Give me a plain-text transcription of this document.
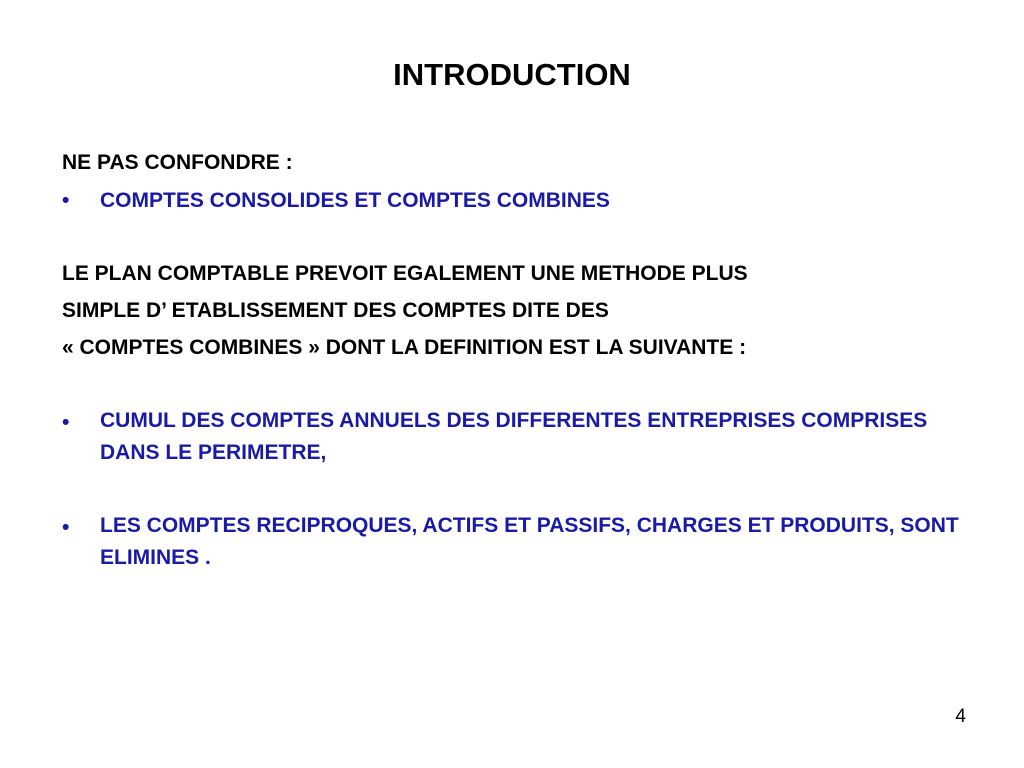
INTRODUCTION
NE PAS CONFONDRE :
• COMPTES CONSOLIDES ET COMPTES COMBINES
LE PLAN COMPTABLE PREVOIT EGALEMENT UNE METHODE PLUS
SIMPLE D’ ETABLISSEMENT DES COMPTES DITE DES
« COMPTES COMBINES » DONT LA DEFINITION EST LA SUIVANTE :
• CUMUL DES COMPTES ANNUELS DES DIFFERENTES ENTREPRISES COMPRISES DANS LE PERIMETRE,
• LES COMPTES RECIPROQUES, ACTIFS ET PASSIFS, CHARGES ET PRODUITS, SONT ELIMINES .
4
